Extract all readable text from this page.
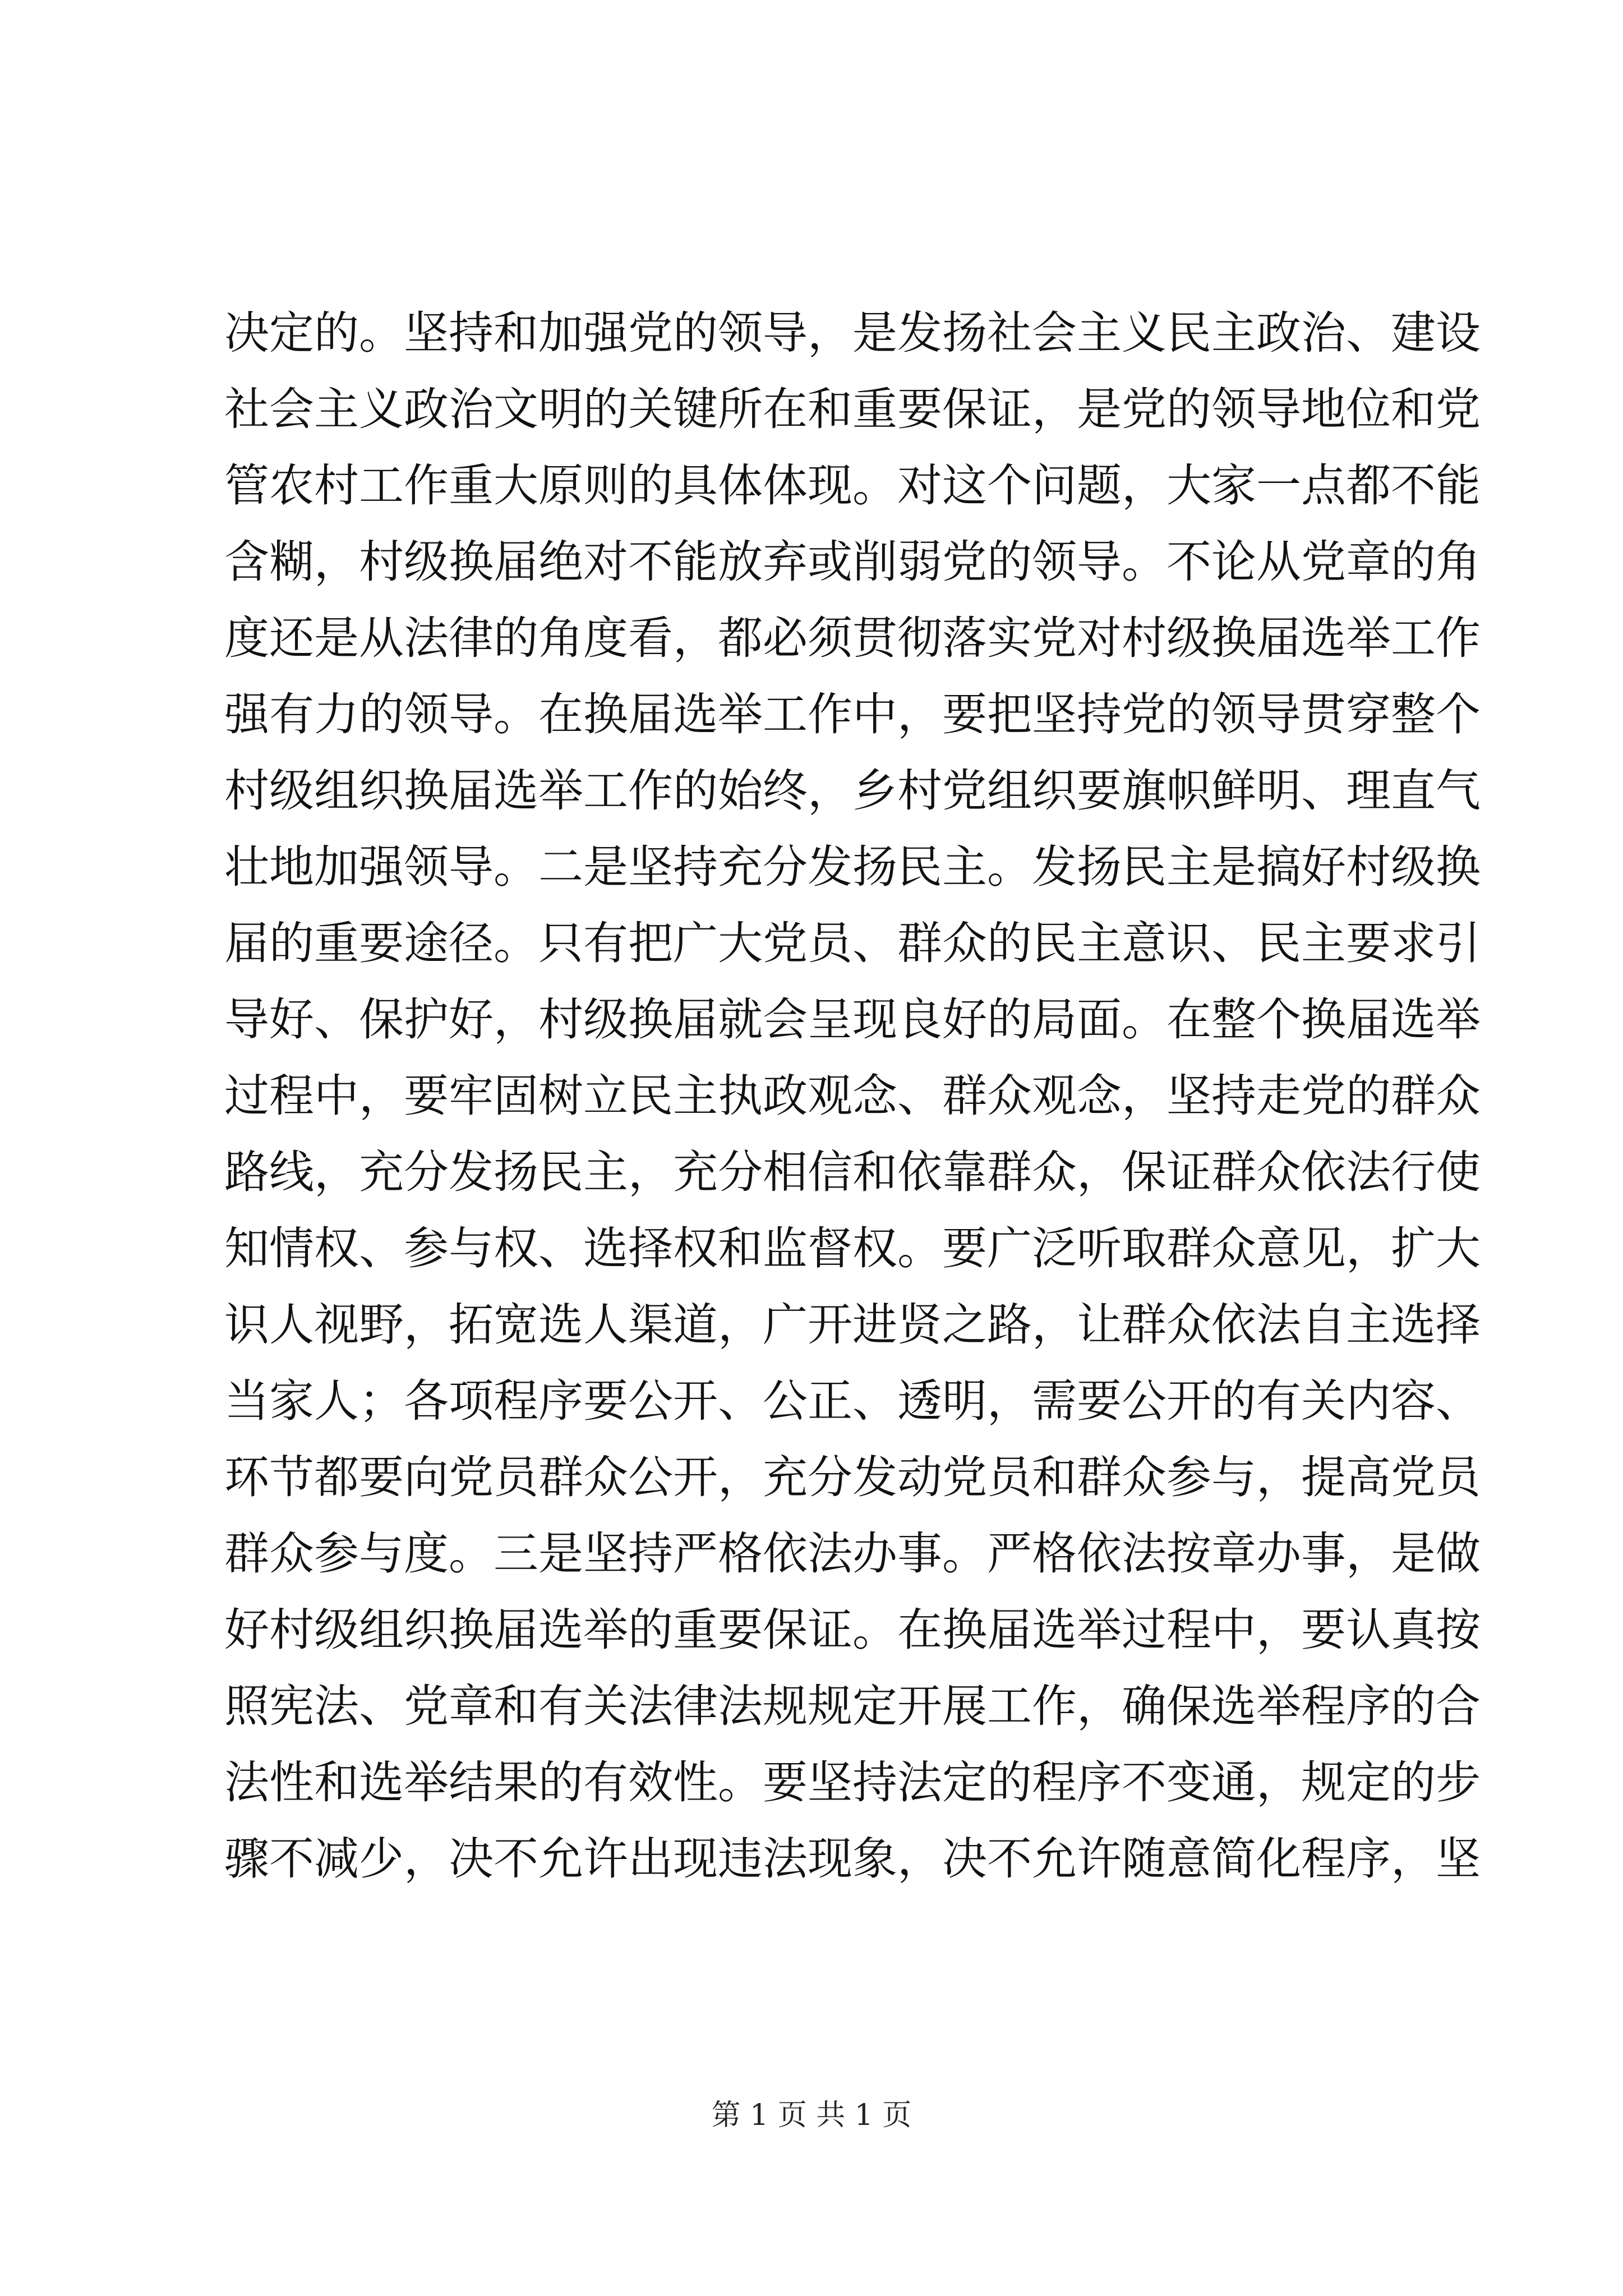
决定的。坚持和加强党的领导，是发扬社会主义民主政治、建设
社会主义政治文明的关键所在和重要保证，是党的领导地位和党
管农村工作重大原则的具体体现。对这个问题，大家一点都不能
含糊，村级换届绝对不能放弃或削弱党的领导。不论从党章的角
度还是从法律的角度看，都必须贯彻落实党对村级换届选举工作
强有力的领导。在换届选举工作中，要把坚持党的领导贯穿整个
村级组织换届选举工作的始终，乡村党组织要旗帜鲜明、理直气
壮地加强领导。二是坚持充分发扬民主。发扬民主是搞好村级换
届的重要途径。只有把广大党员、群众的民主意识、民主要求引
导好、保护好，村级换届就会呈现良好的局面。在整个换届选举
过程中，要牢固树立民主执政观念、群众观念，坚持走党的群众
路线，充分发扬民主，充分相信和依靠群众，保证群众依法行使
知情权、参与权、选择权和监督权。要广泛听取群众意见，扩大
识人视野，拓宽选人渠道，广开进贤之路，让群众依法自主选择
当家人；各项程序要公开、公正、透明，需要公开的有关内容、
环节都要向党员群众公开，充分发动党员和群众参与，提高党员
群众参与度。三是坚持严格依法办事。严格依法按章办事，是做
好村级组织换届选举的重要保证。在换届选举过程中，要认真按
照宪法、党章和有关法律法规规定开展工作，确保选举程序的合
法性和选举结果的有效性。要坚持法定的程序不变通，规定的步
骤不减少，决不允许出现违法现象，决不允许随意简化程序，坚
第 1 页 共 1 页
